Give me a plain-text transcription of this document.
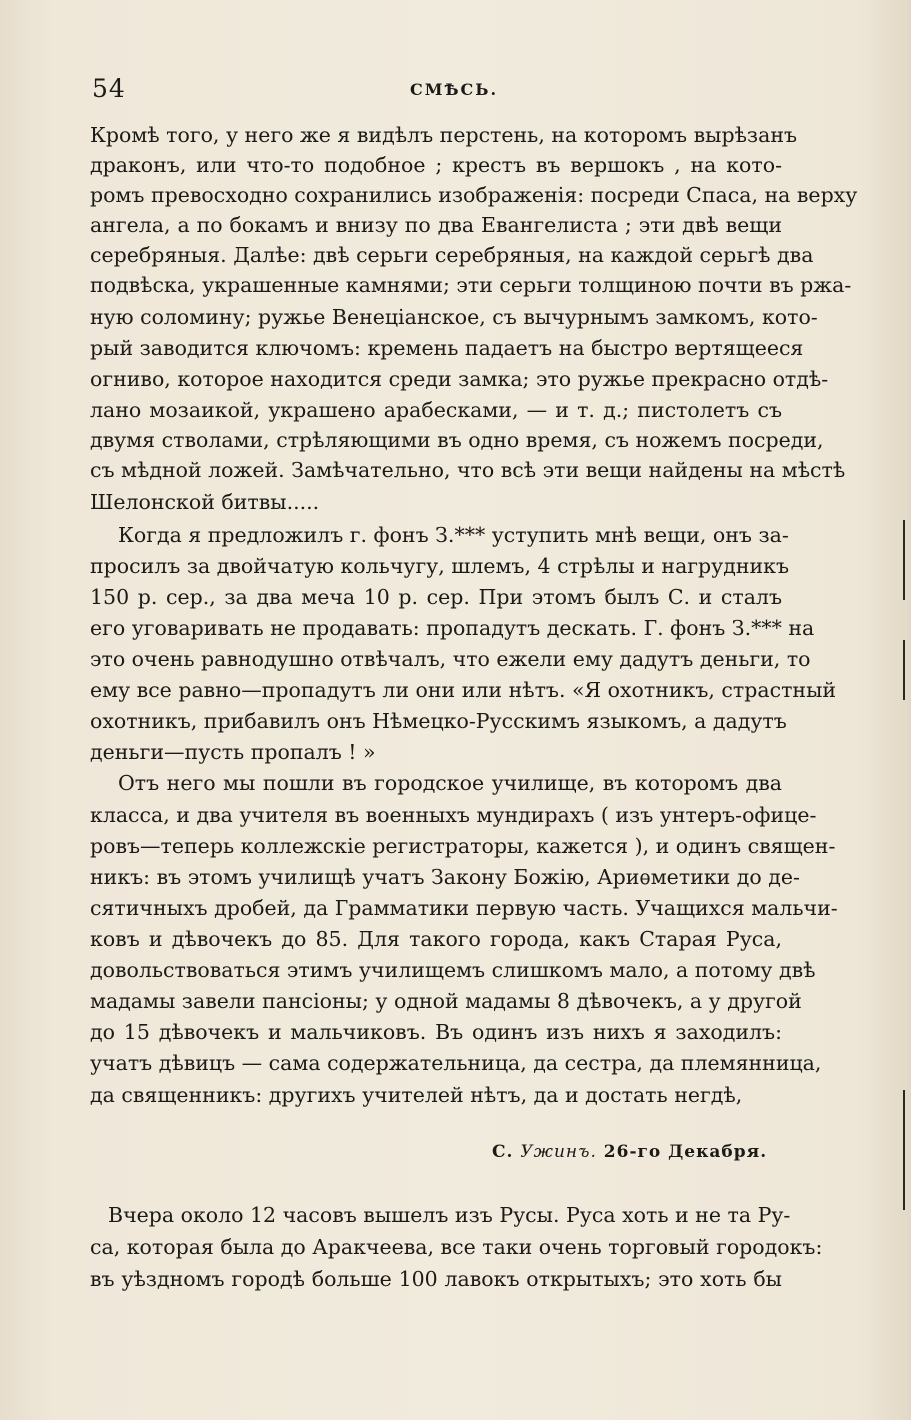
54	СМѢСЬ.
Кромѣ того, у него же я видѣлъ перстень, на которомъ вырѣзанъ
драконъ, или что-то подобное ; крестъ въ вершокъ , на кото-
ромъ превосходно сохранились изображенія: посреди Спаса, на верху
ангела, а по бокамъ и внизу по два Евангелиста ; эти двѣ вещи
серебряныя. Далѣе: двѣ серьги серебряныя, на каждой серьгѣ два
подвѣска, украшенные камнями; эти серьги толщиною почти въ ржа-
ную соломину; ружье Венеціанское, съ вычурнымъ замкомъ, кото-
рый заводится ключомъ: кремень падаетъ на быстро вертящееся
огниво, которое находится среди замка; это ружье прекрасно отдѣ-
лано мозаикой, украшено арабесками, — и т. д.; пистолетъ съ
двумя стволами, стрѣляющими въ одно время, съ ножемъ посреди,
съ мѣдной ложей. Замѣчательно, что всѣ эти вещи найдены на мѣстѣ
Шелонской битвы.....
Когда я предложилъ г. фонъ З.*** уступить мнѣ вещи, онъ за-
просилъ за двойчатую кольчугу, шлемъ, 4 стрѣлы и нагрудникъ
150 р. сер., за два меча 10 р. сер. При этомъ былъ С. и сталъ
его уговаривать не продавать: пропадутъ дескать. Г. фонъ З.*** на
это очень равнодушно отвѣчалъ, что ежели ему дадутъ деньги, то
ему все равно—пропадутъ ли они или нѣтъ. «Я охотникъ, страстный
охотникъ, прибавилъ онъ Нѣмецко-Русскимъ языкомъ, а дадутъ
деньги—пусть пропалъ ! »
Отъ него мы пошли въ городское училище, въ которомъ два
класса, и два учителя въ военныхъ мундирахъ ( изъ унтеръ-офице-
ровъ—теперь коллежскіе регистраторы, кажется ), и одинъ священ-
никъ: въ этомъ училищѣ учатъ Закону Божію, Ариѳметики до де-
сятичныхъ дробей, да Грамматики первую часть. Учащихся мальчи-
ковъ и дѣвочекъ до 85. Для такого города, какъ Старая Руса,
довольствоваться этимъ училищемъ слишкомъ мало, а потому двѣ
мадамы завели пансіоны; у одной мадамы 8 дѣвочекъ, а у другой
до 15 дѣвочекъ и мальчиковъ. Въ одинъ изъ нихъ я заходилъ:
учатъ дѣвицъ — сама содержательница, да сестра, да племянница,
да священникъ: другихъ учителей нѣтъ, да и достать негдѣ,
С. Ужинъ. 26-го Декабря.
Вчера около 12 часовъ вышелъ изъ Русы. Руса хоть и не та Ру-
са, которая была до Аракчеева, все таки очень торговый городокъ:
въ уѣздномъ городѣ больше 100 лавокъ открытыхъ; это хоть бы
